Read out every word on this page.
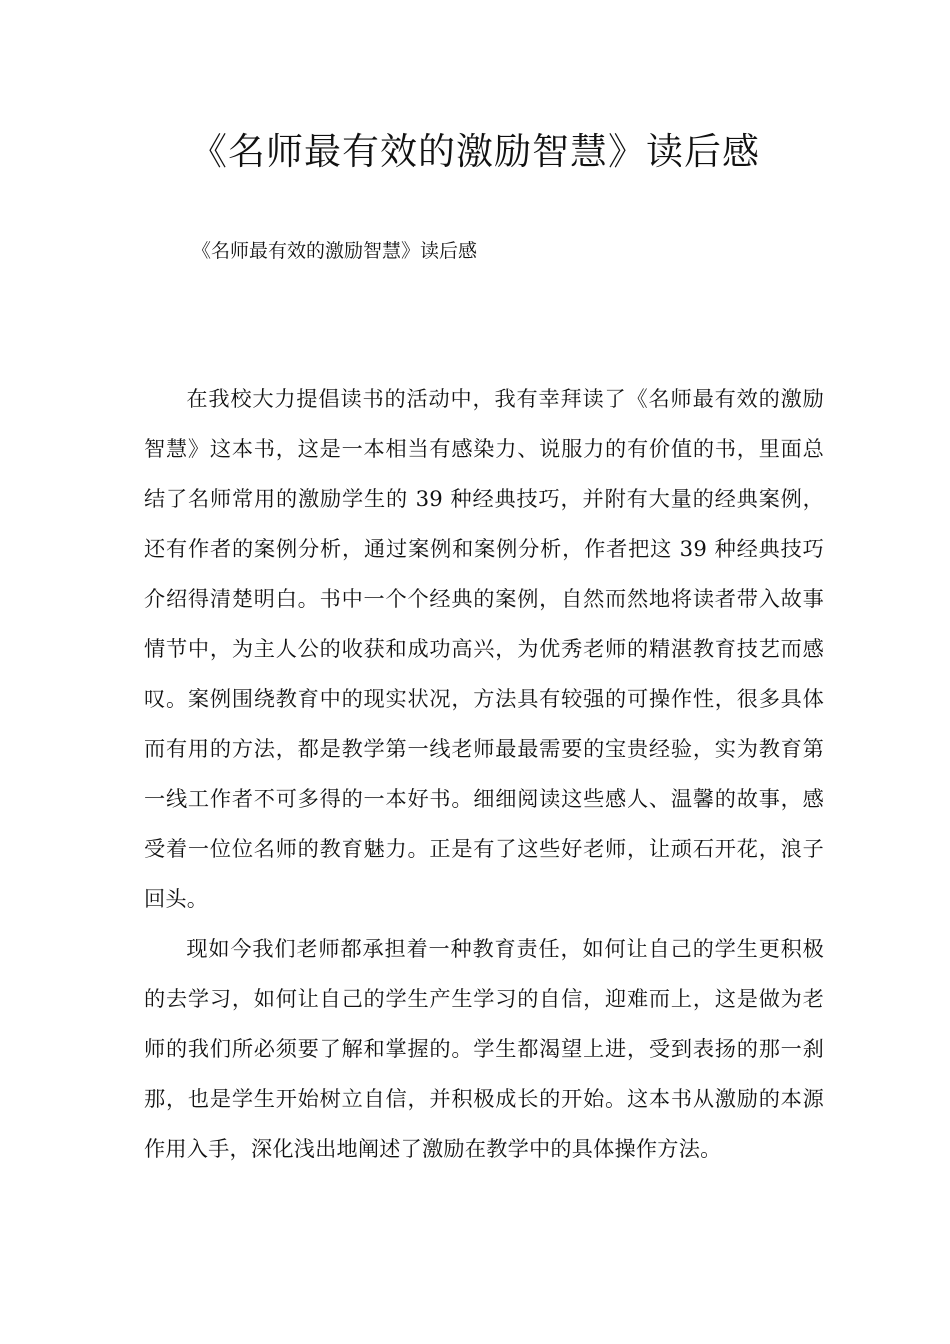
《名师最有效的激励智慧》读后感

《名师最有效的激励智慧》读后感

在我校大力提倡读书的活动中，我有幸拜读了《名师最有效的激励智慧》这本书，这是一本相当有感染力、说服力的有价值的书，里面总结了名师常用的激励学生的 39 种经典技巧，并附有大量的经典案例，还有作者的案例分析，通过案例和案例分析，作者把这 39 种经典技巧介绍得清楚明白。书中一个个经典的案例，自然而然地将读者带入故事情节中，为主人公的收获和成功高兴，为优秀老师的精湛教育技艺而感叹。案例围绕教育中的现实状况，方法具有较强的可操作性，很多具体而有用的方法，都是教学第一线老师最最需要的宝贵经验，实为教育第一线工作者不可多得的一本好书。细细阅读这些感人、温馨的故事，感受着一位位名师的教育魅力。正是有了这些好老师，让顽石开花，浪子回头。

现如今我们老师都承担着一种教育责任，如何让自己的学生更积极的去学习，如何让自己的学生产生学习的自信，迎难而上，这是做为老师的我们所必须要了解和掌握的。学生都渴望上进，受到表扬的那一刹那，也是学生开始树立自信，并积极成长的开始。这本书从激励的本源作用入手，深化浅出地阐述了激励在教学中的具体操作方法。
